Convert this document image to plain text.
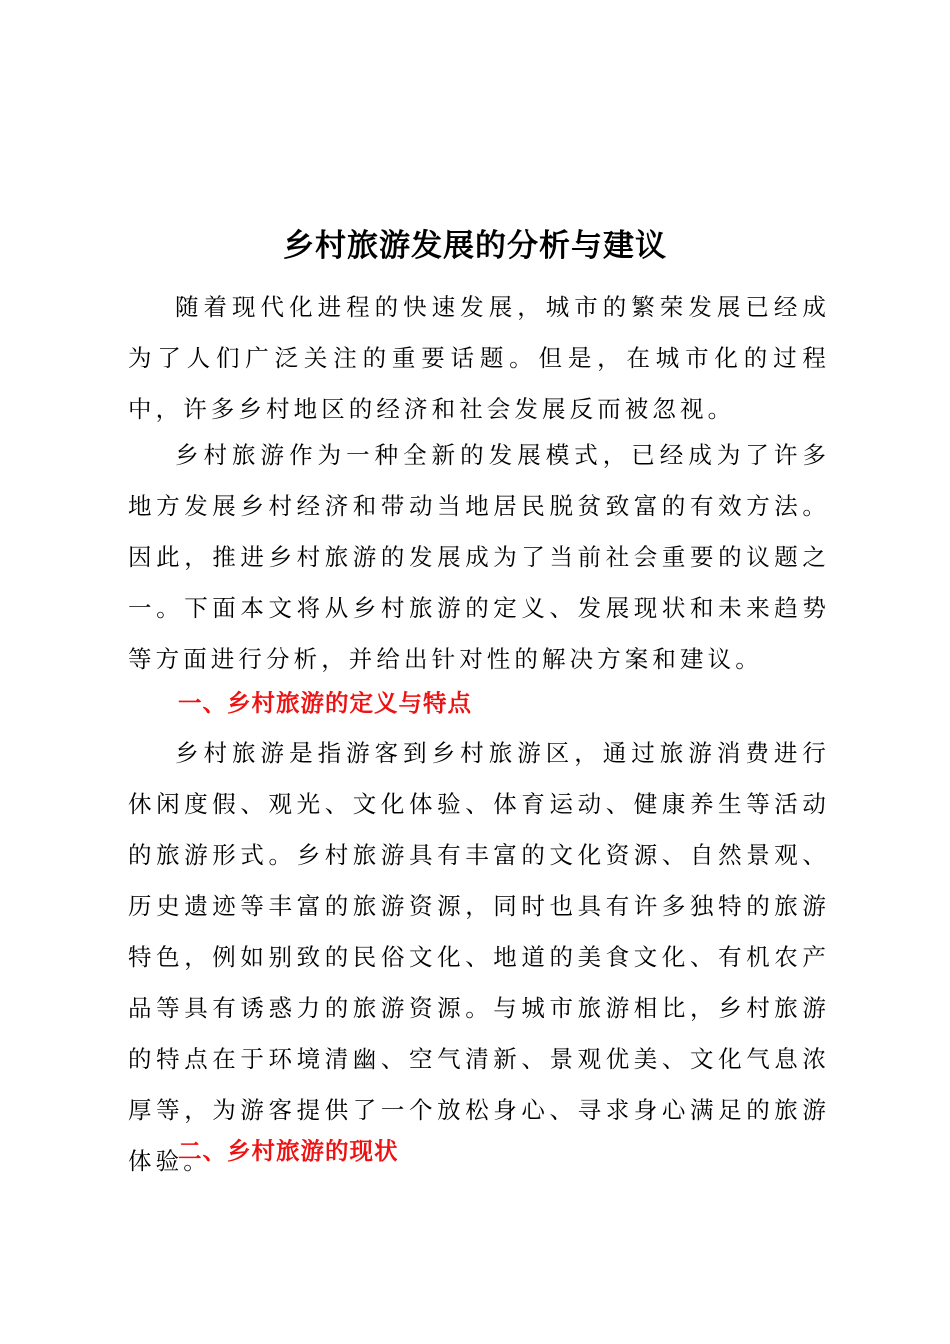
乡村旅游发展的分析与建议

随着现代化进程的快速发展，城市的繁荣发展已经成为了人们广泛关注的重要话题。但是，在城市化的过程中，许多乡村地区的经济和社会发展反而被忽视。

乡村旅游作为一种全新的发展模式，已经成为了许多地方发展乡村经济和带动当地居民脱贫致富的有效方法。因此，推进乡村旅游的发展成为了当前社会重要的议题之一。下面本文将从乡村旅游的定义、发展现状和未来趋势等方面进行分析，并给出针对性的解决方案和建议。

一、乡村旅游的定义与特点

乡村旅游是指游客到乡村旅游区，通过旅游消费进行休闲度假、观光、文化体验、体育运动、健康养生等活动的旅游形式。乡村旅游具有丰富的文化资源、自然景观、历史遗迹等丰富的旅游资源，同时也具有许多独特的旅游特色，例如别致的民俗文化、地道的美食文化、有机农产品等具有诱惑力的旅游资源。与城市旅游相比，乡村旅游的特点在于环境清幽、空气清新、景观优美、文化气息浓厚等，为游客提供了一个放松身心、寻求身心满足的旅游体验。

二、乡村旅游的现状
